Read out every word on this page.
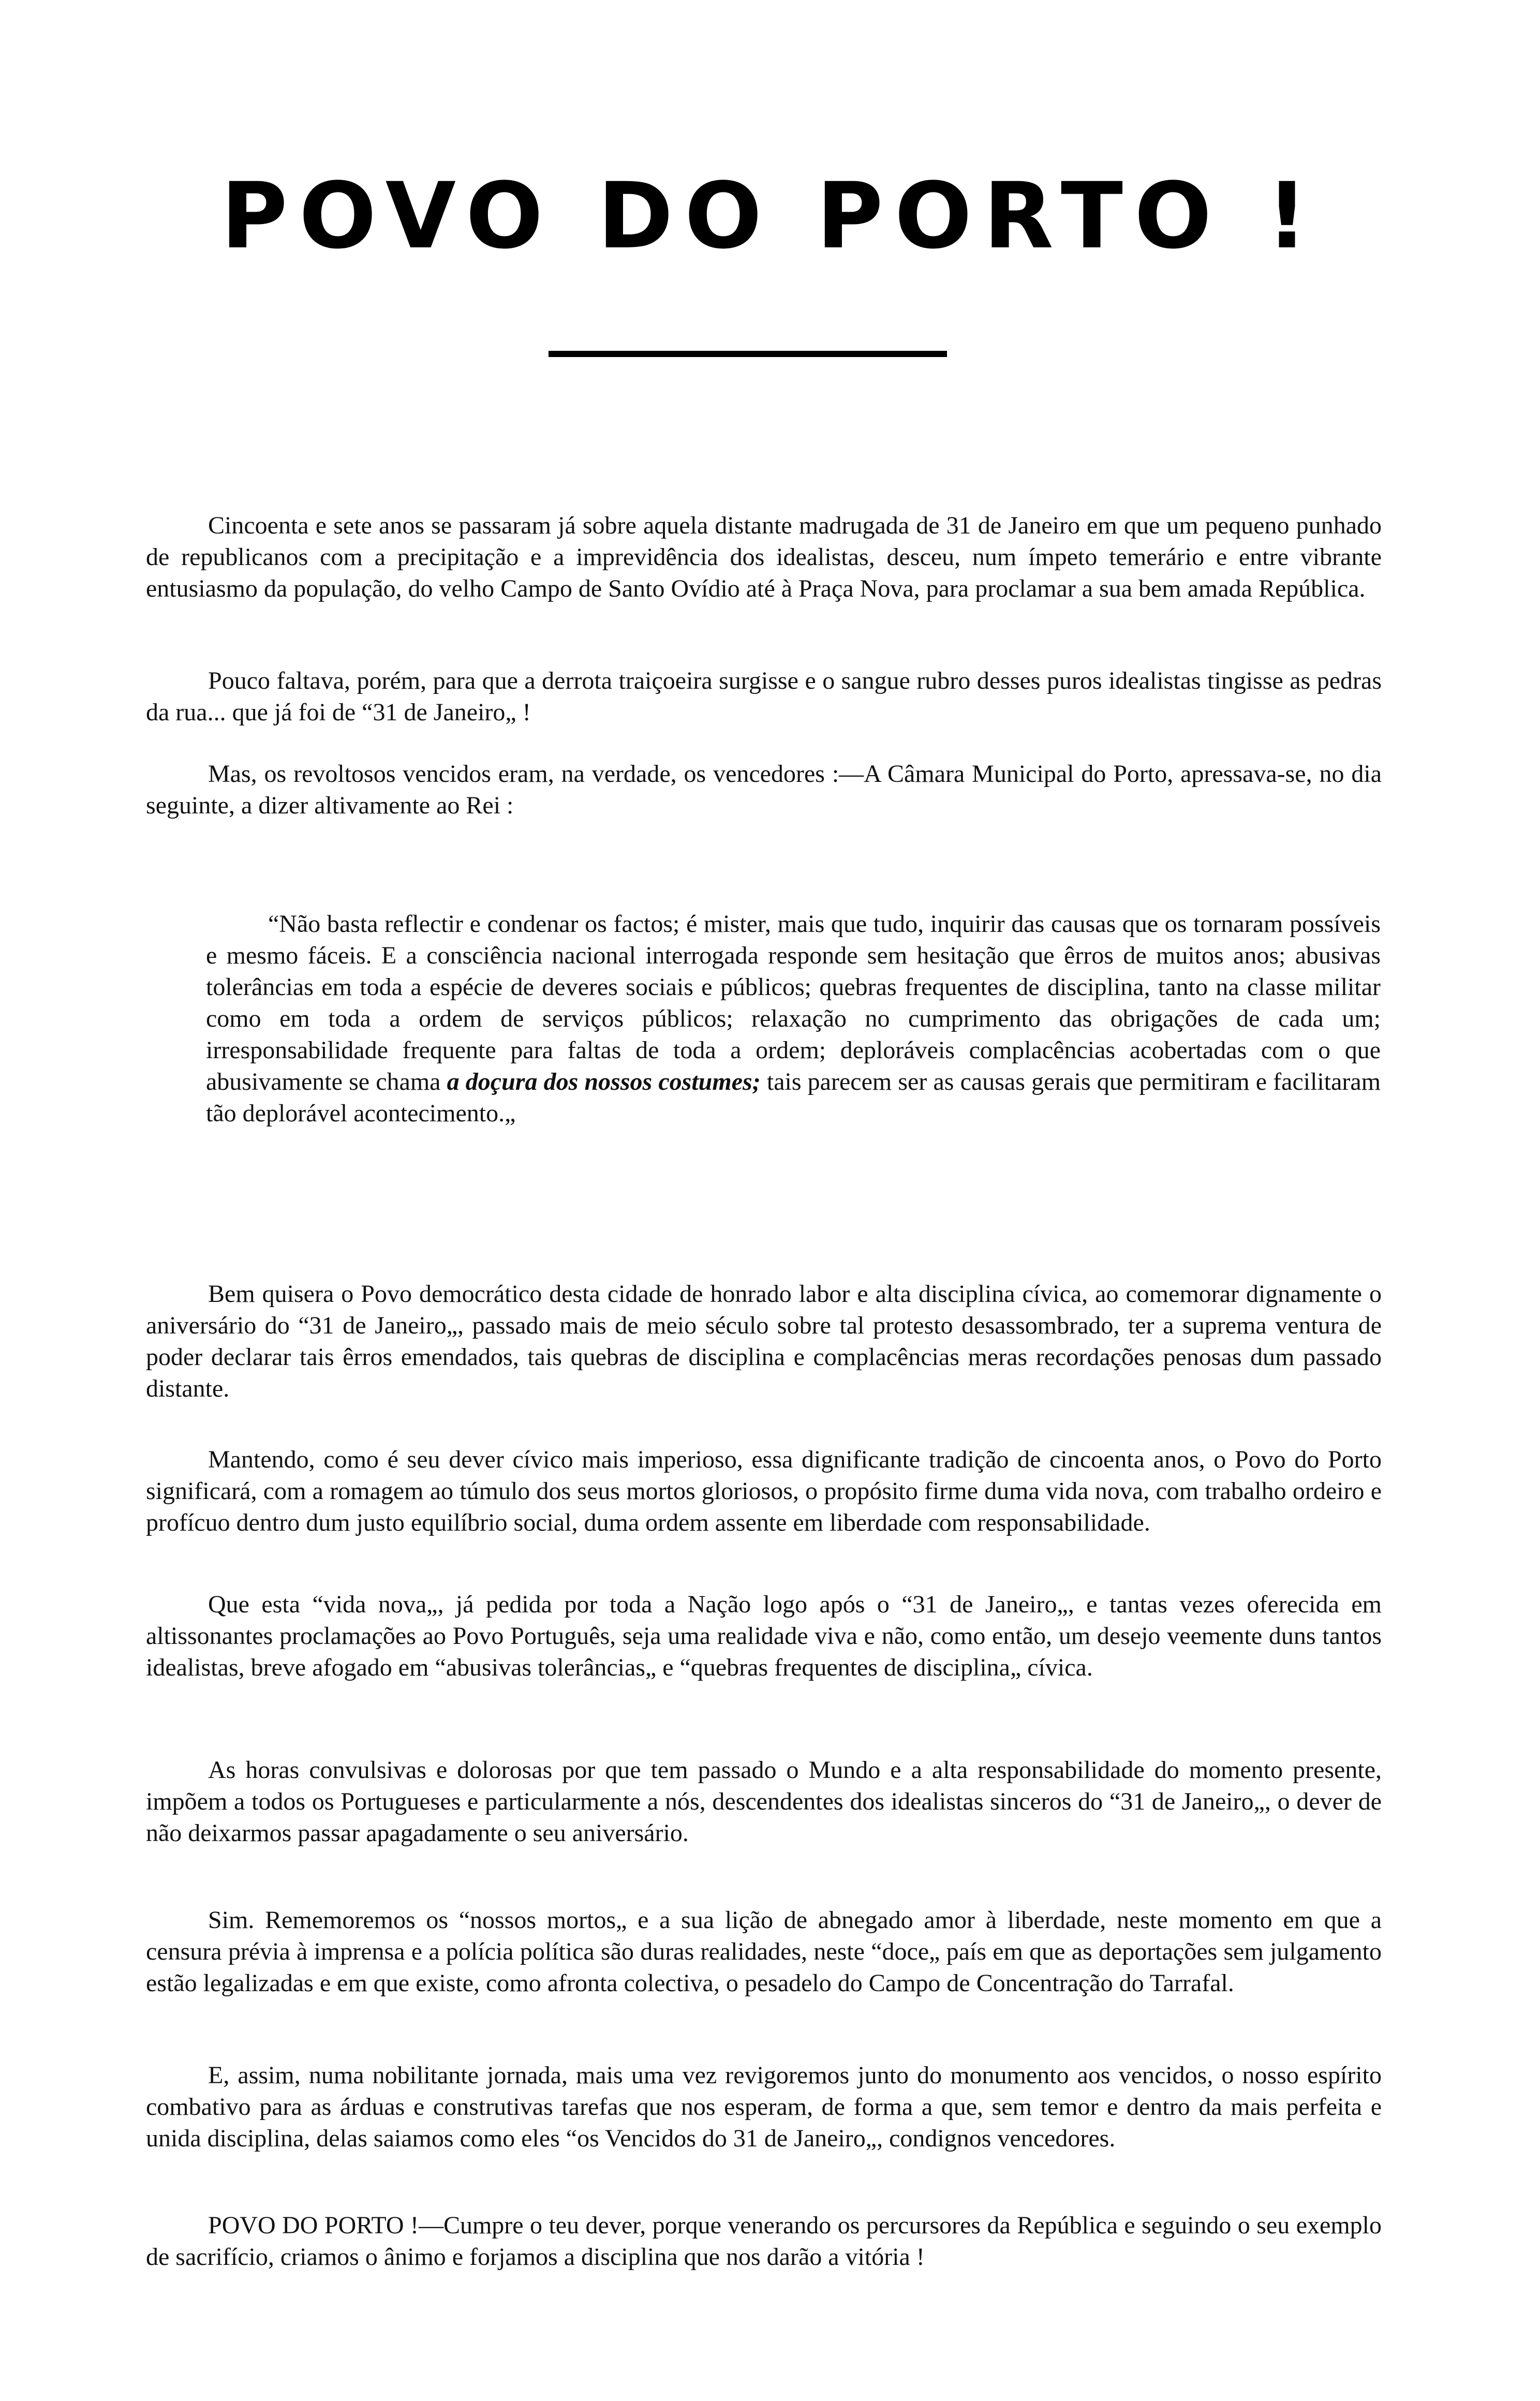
POVO DO PORTO !

Cincoenta e sete anos se passaram já sobre aquela distante madrugada de 31 de Janeiro em que um pequeno punhado de republicanos com a precipitação e a imprevidência dos idealistas, desceu, num ímpeto temerário e entre vibrante entusiasmo da população, do velho Campo de Santo Ovídio até à Praça Nova, para proclamar a sua bem amada República.

Pouco faltava, porém, para que a derrota traiçoeira surgisse e o sangue rubro desses puros idealistas tingisse as pedras da rua... que já foi de “31 de Janeiro„ !

Mas, os revoltosos vencidos eram, na verdade, os vencedores :—A Câmara Municipal do Porto, apressava-se, no dia seguinte, a dizer altivamente ao Rei :

“Não basta reflectir e condenar os factos; é mister, mais que tudo, inquirir das causas que os tornaram possíveis e mesmo fáceis. E a consciência nacional interrogada responde sem hesitação que êrros de muitos anos; abusivas tolerâncias em toda a espécie de deveres sociais e públicos; quebras frequentes de disciplina, tanto na classe militar como em toda a ordem de serviços públicos; relaxação no cumprimento das obrigações de cada um; irresponsabilidade frequente para faltas de toda a ordem; deploráveis complacências acobertadas com o que abusivamente se chama a doçura dos nossos costumes; tais parecem ser as causas gerais que permitiram e facilitaram tão deplorável acontecimento.„

Bem quisera o Povo democrático desta cidade de honrado labor e alta disciplina cívica, ao comemorar dignamente o aniversário do “31 de Janeiro„, passado mais de meio século sobre tal protesto desassombrado, ter a suprema ventura de poder declarar tais êrros emendados, tais quebras de disciplina e complacências meras recordações penosas dum passado distante.

Mantendo, como é seu dever cívico mais imperioso, essa dignificante tradição de cincoenta anos, o Povo do Porto significará, com a romagem ao túmulo dos seus mortos gloriosos, o propósito firme duma vida nova, com trabalho ordeiro e profícuo dentro dum justo equilíbrio social, duma ordem assente em liberdade com responsabilidade.

Que esta “vida nova„, já pedida por toda a Nação logo após o “31 de Janeiro„, e tantas vezes oferecida em altissonantes proclamações ao Povo Português, seja uma realidade viva e não, como então, um desejo veemente duns tantos idealistas, breve afogado em “abusivas tolerâncias„ e “quebras frequentes de disciplina„ cívica.

As horas convulsivas e dolorosas por que tem passado o Mundo e a alta responsabilidade do momento presente, impõem a todos os Portugueses e particularmente a nós, descendentes dos idealistas sinceros do “31 de Janeiro„, o dever de não deixarmos passar apagadamente o seu aniversário.

Sim. Rememoremos os “nossos mortos„ e a sua lição de abnegado amor à liberdade, neste momento em que a censura prévia à imprensa e a polícia política são duras realidades, neste “doce„ país em que as deportações sem julgamento estão legalizadas e em que existe, como afronta colectiva, o pesadelo do Campo de Concentração do Tarrafal.

E, assim, numa nobilitante jornada, mais uma vez revigoremos junto do monumento aos vencidos, o nosso espírito combativo para as árduas e construtivas tarefas que nos esperam, de forma a que, sem temor e dentro da mais perfeita e unida disciplina, delas saiamos como eles “os Vencidos do 31 de Janeiro„, condignos vencedores.

POVO DO PORTO !—Cumpre o teu dever, porque venerando os percursores da República e seguindo o seu exemplo de sacrifício, criamos o ânimo e forjamos a disciplina que nos darão a vitória !
